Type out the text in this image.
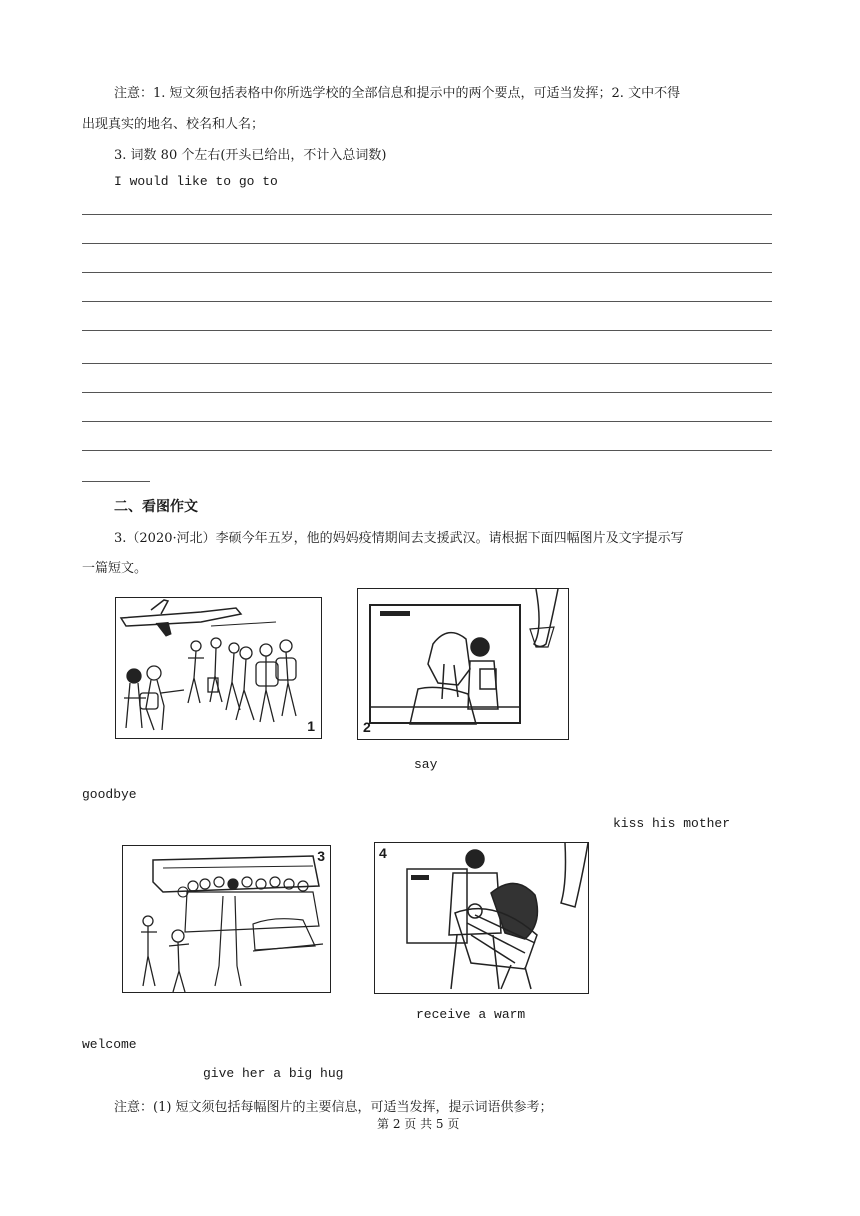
注意：1. 短文须包括表格中你所选学校的全部信息和提示中的两个要点，可适当发挥；2. 文中不得
出现真实的地名、校名和人名；
3. 词数 80 个左右(开头已给出，不计入总词数)
I would like to go to
二、看图作文
3.（2020·河北）李硕今年五岁，他的妈妈疫情期间去支援武汉。请根据下面四幅图片及文字提示写
一篇短文。
1	2
say
goodbye
kiss his mother
3	4
receive a warm
welcome
give her a big hug
注意：(1) 短文须包括每幅图片的主要信息，可适当发挥，提示词语供参考；
第 2 页 共 5 页
